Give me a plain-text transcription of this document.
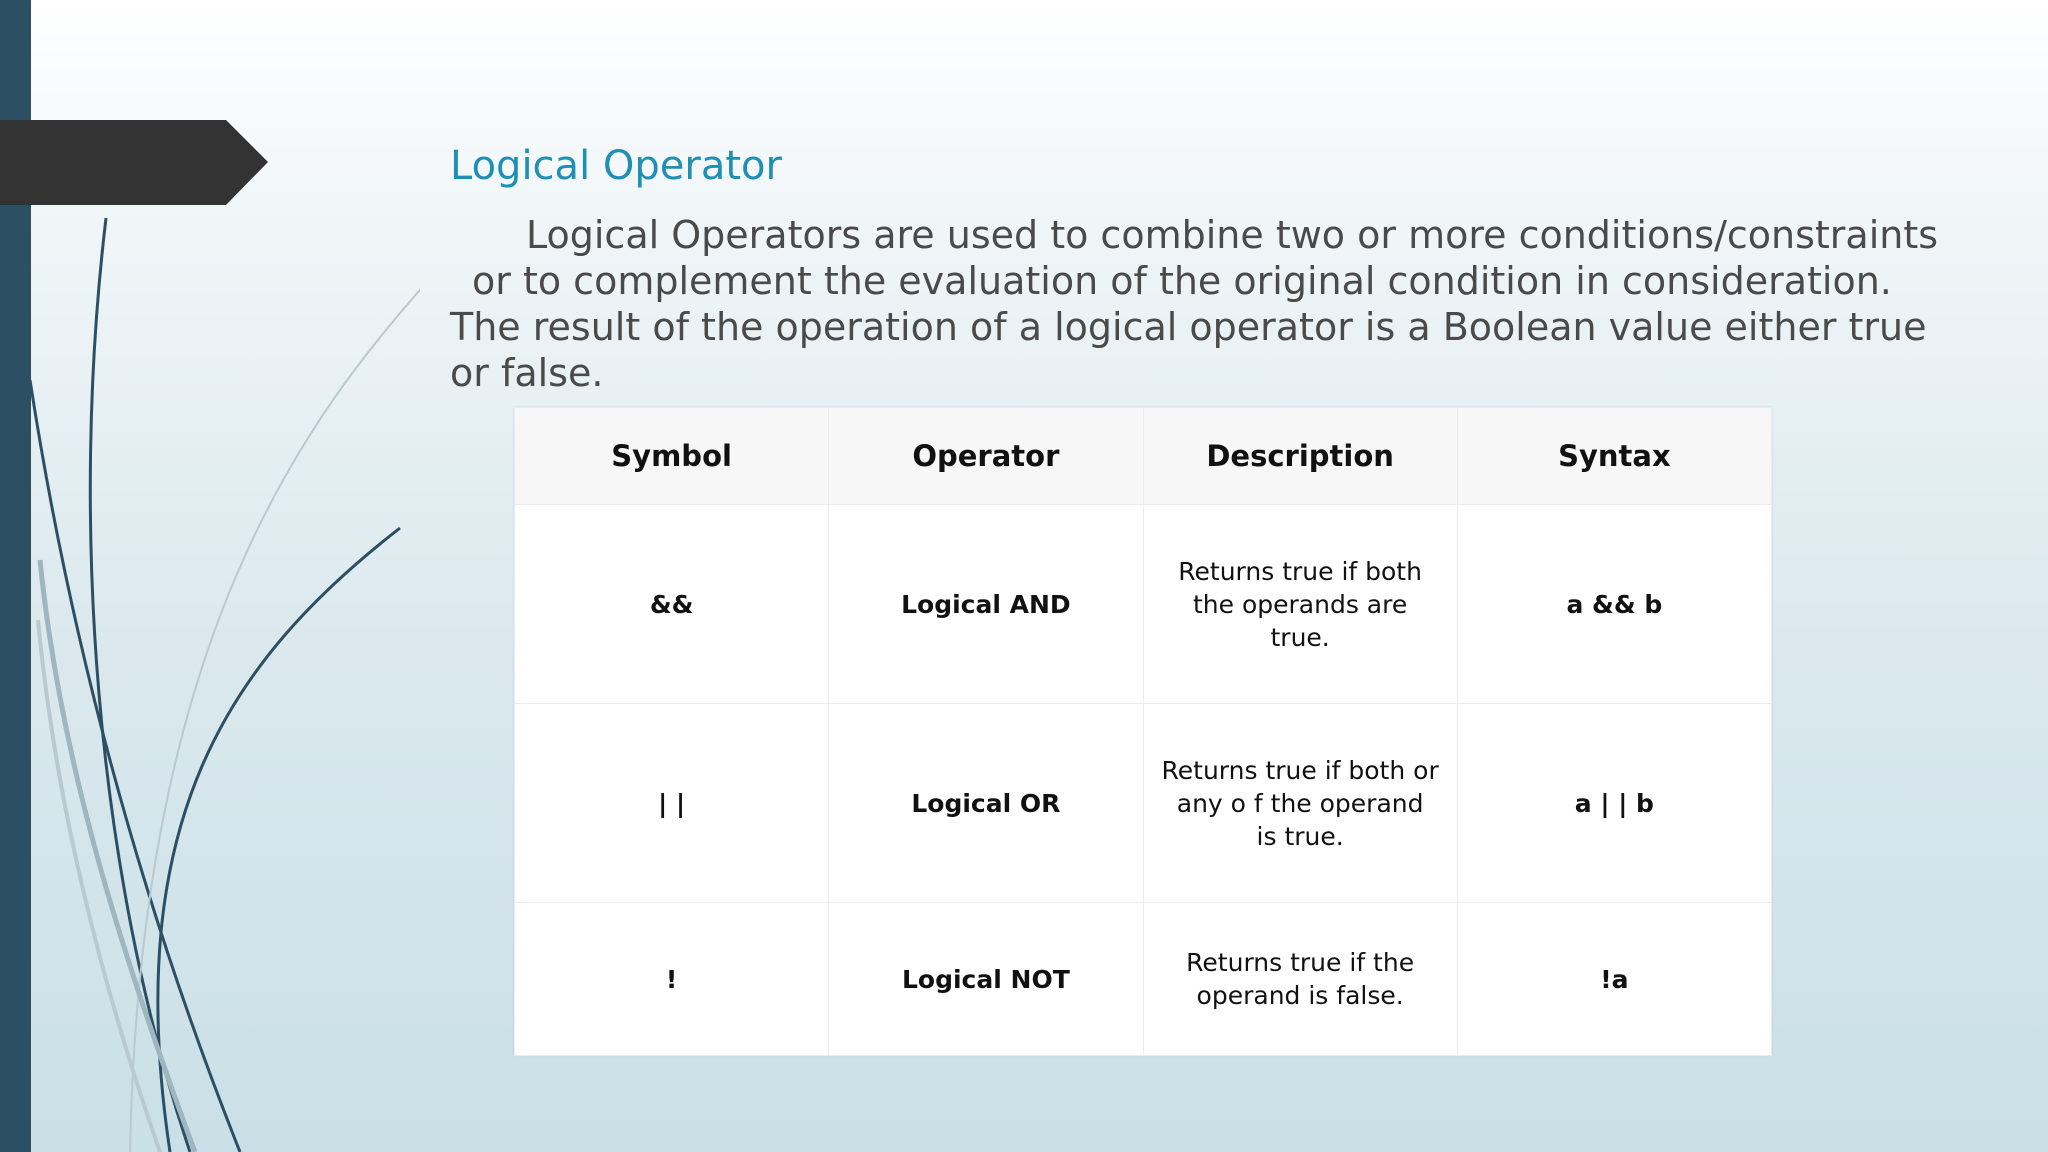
Logical Operator

Logical Operators are used to combine two or more conditions/constraints
or to complement the evaluation of the original condition in consideration.
The result of the operation of a logical operator is a Boolean value either true
or false.

Symbol	Operator	Description	Syntax
&&	Logical AND	Returns true if both
the operands are
true.	a && b
| |	Logical OR	Returns true if both or
any o f the operand
is true.	a | | b
!	Logical NOT	Returns true if the
operand is false.	!a
